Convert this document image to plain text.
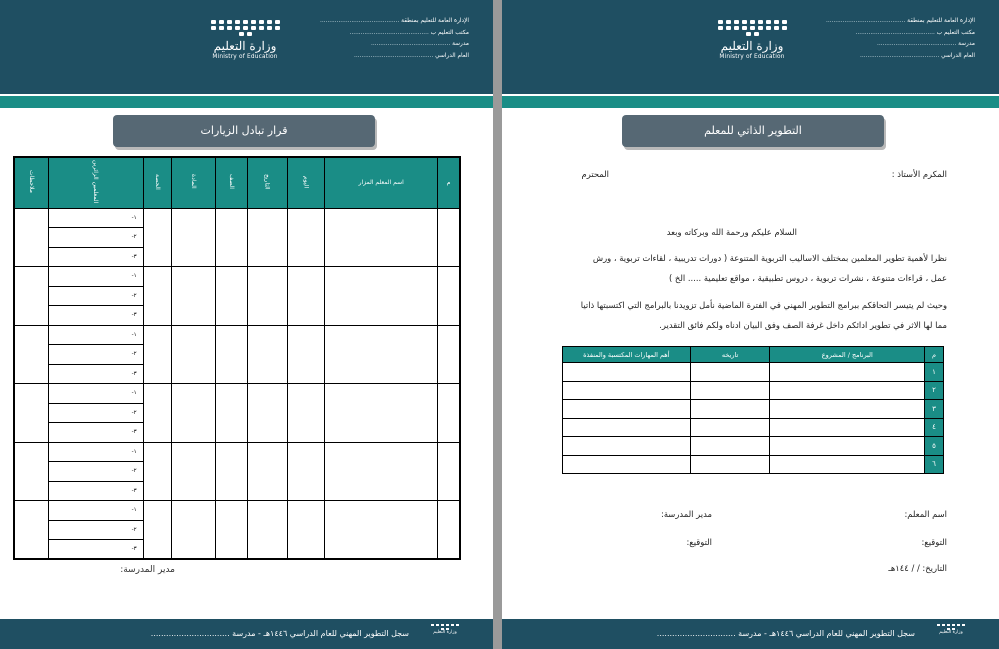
وزارة التعليم
Ministry of Education
الإدارة العامة للتعليم بمنطقة .....
مكتب التعليم ب .....
مدرسة .....
العام الدراسي .....
قرار تبادل الزيارات
ملاحظات	المعلمين الزائرين	الحصة	المادة	الصف	التاريخ	اليوم	اسم المعلم المزار	م
	-١							
	-٢							
	-٣							
	-١							
	-٢							
	-٣							
	-١							
	-٢							
	-٣							
	-١							
	-٢							
	-٣							
	-١							
	-٢							
	-٣							
	-١							
	-٢							
	-٣							
مدير المدرسة:
وزارة التعليم
سجل التطوير المهني للعام الدراسي ١٤٤٦هـ - مدرسة .....
وزارة التعليم
Ministry of Education
الإدارة العامة للتعليم بمنطقة .....
مكتب التعليم ب .....
مدرسة .....
العام الدراسي .....
التطوير الذاتي للمعلم
المكرم الأستاذ :
المحترم
السلام عليكم ورحمة الله وبركاته وبعد
نظرا لأهمية تطوير المعلمين بمختلف الاساليب التربوية المتنوعة ( دورات تدريبية ، لقاءات تربوية ، ورش
عمل ، قراءات متنوعة ، نشرات تربوية ، دروس تطبيقية ، مواقع تعليمية ..... الخ )
وحيث لم يتيسر التحاقكم ببرامج التطوير المهني في الفترة الماضية نأمل تزويدنا بالبرامج التي اكتسبتها ذاتيا
مما لها الاثر في تطوير ادائكم داخل غرفة الصف وفق البيان ادناه ولكم فائق التقدير.
أهم المهارات المكتسبة والمنفذة	تاريخه	البرنامج / المشروع	م
			١
			٢
			٣
			٤
			٥
			٦
اسم المعلم:
مدير المدرسة:
التوقيع:
التوقيع:
التاريخ: / / ١٤٤هـ
وزارة التعليم
سجل التطوير المهني للعام الدراسي ١٤٤٦هـ - مدرسة .....
